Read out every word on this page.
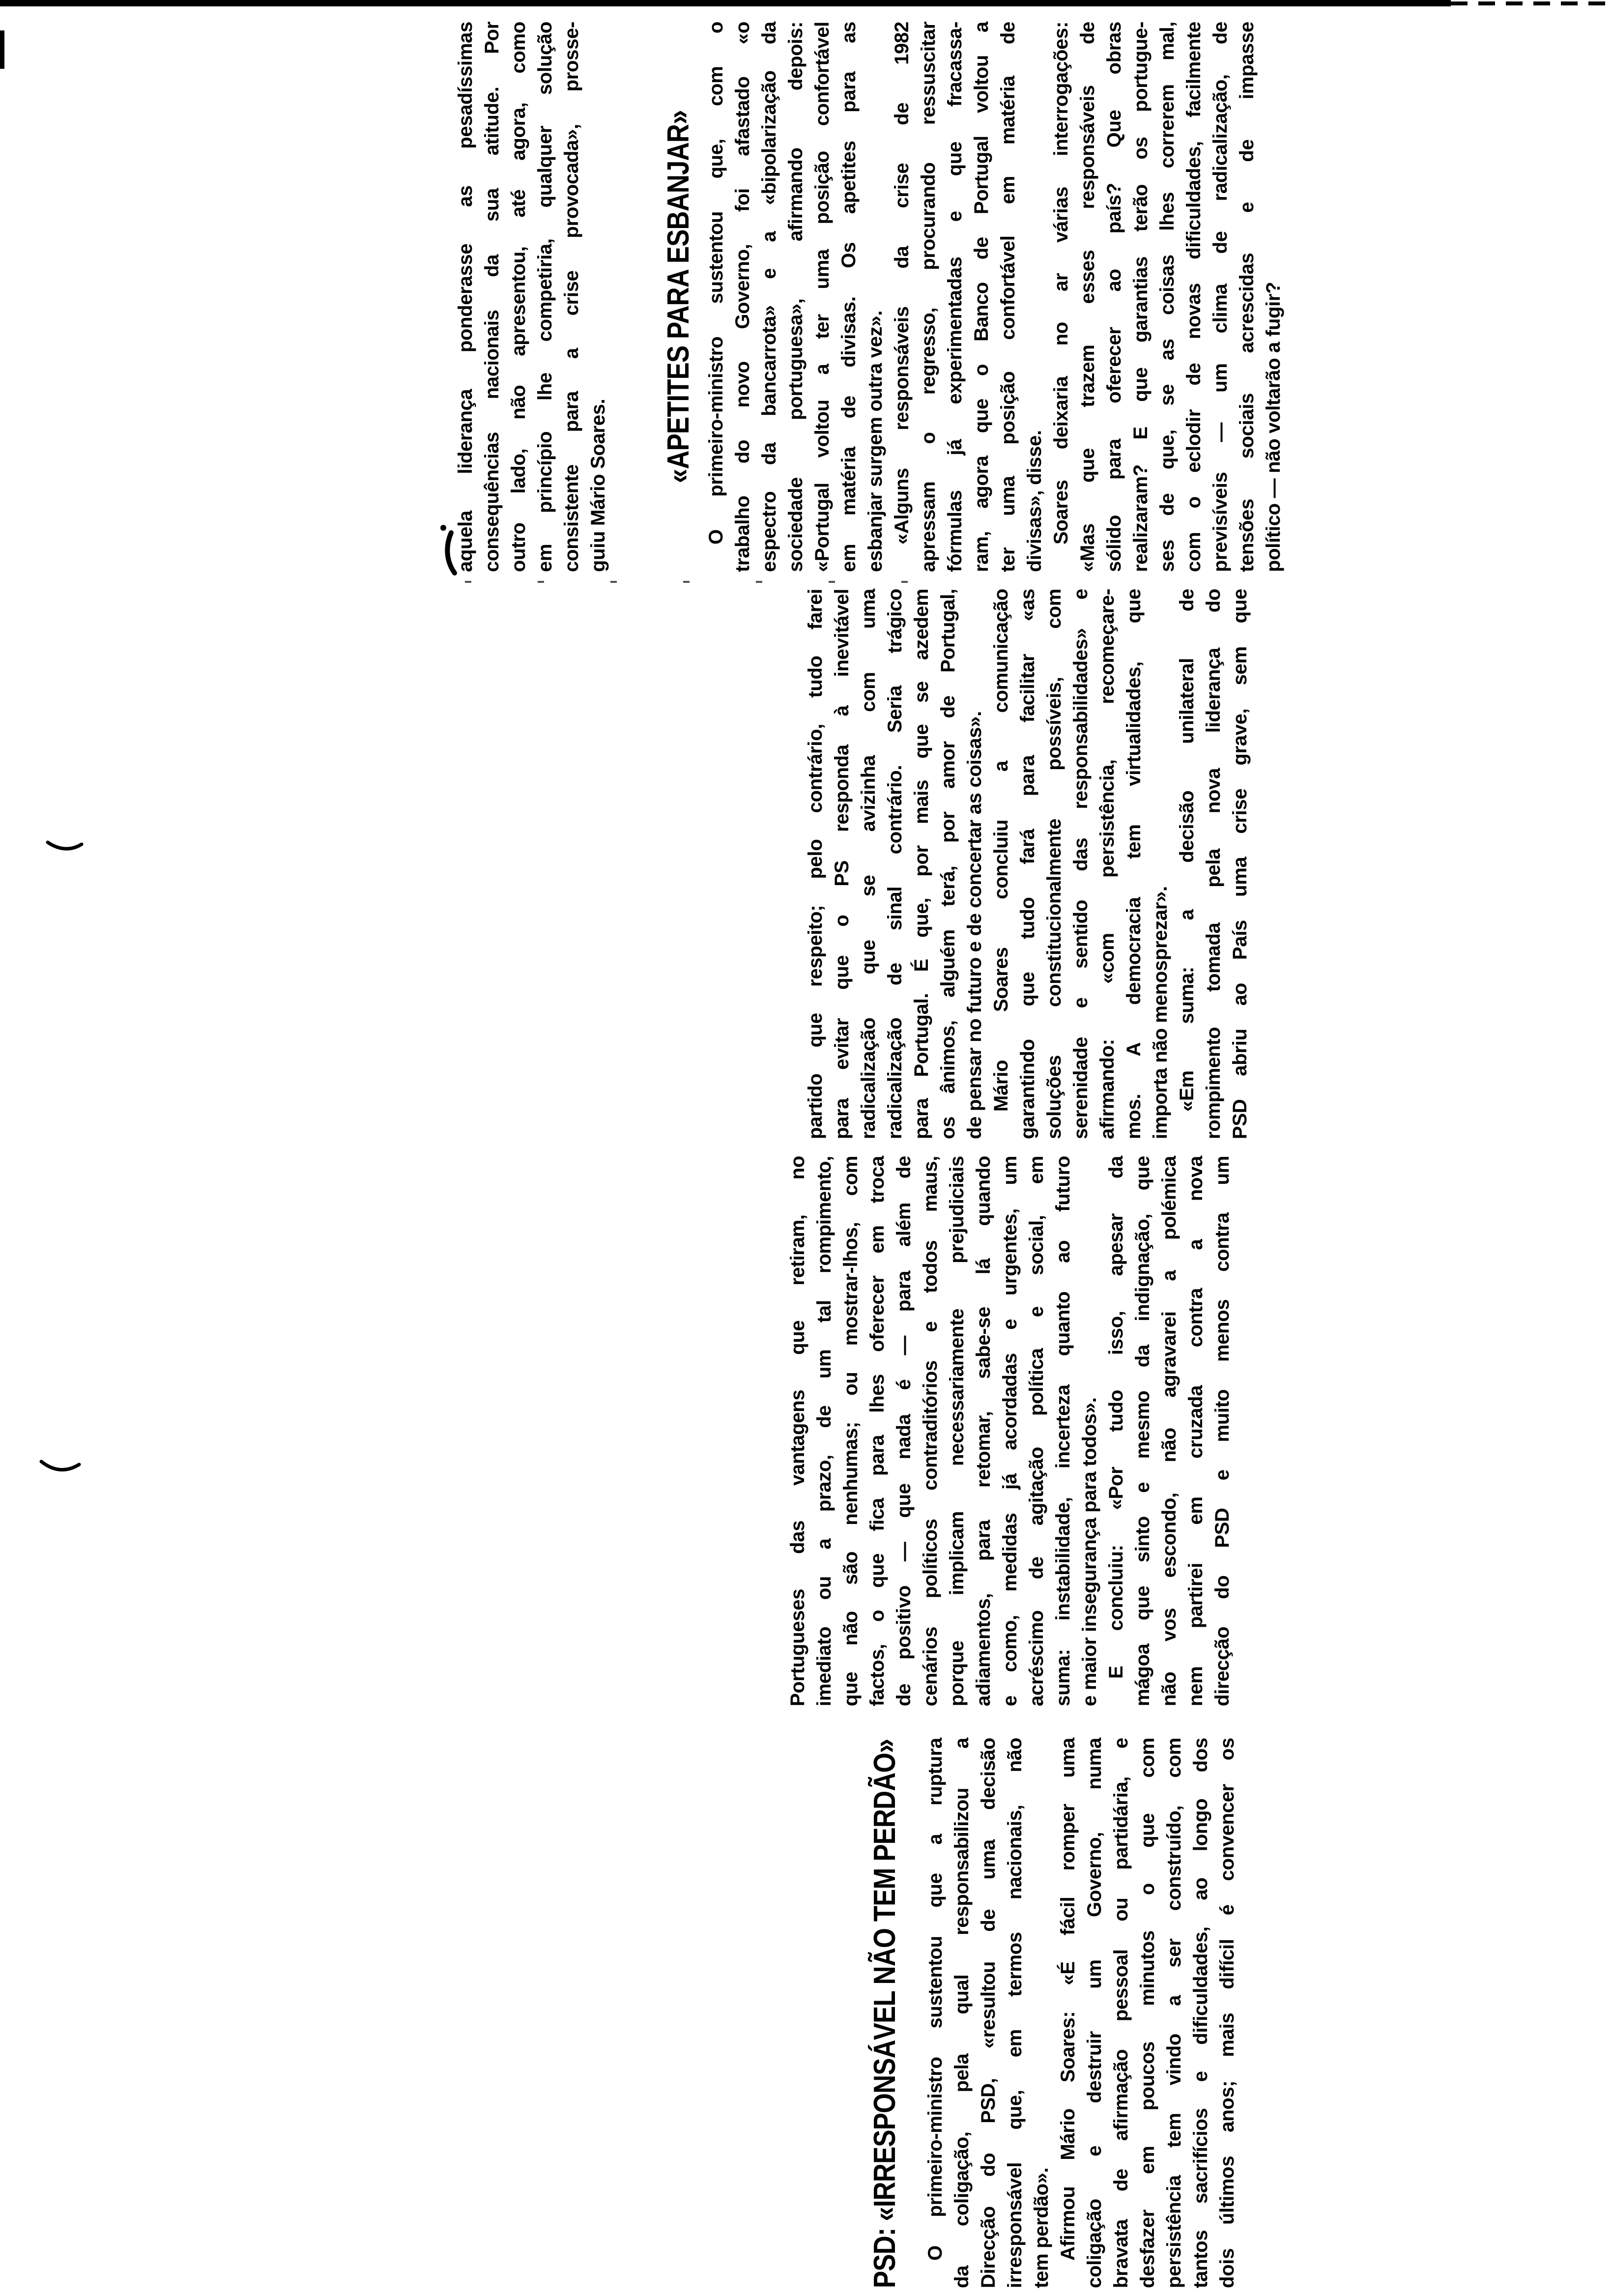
PSD: «IRRESPONSÁVEL NÃO TEM PERDÃO» O primeiro-ministro sustentou que a ruptura da coligação, pela qual responsabilizou a Direcção do PSD, «resultou de uma decisão irresponsável que, em termos nacionais, não tem perdão». Afirmou Mário Soares: «É fácil romper uma coligação e destruir um Governo, numa bravata de afirmação pessoal ou partidária, e desfazer em poucos minutos o que com persistência tem vindo a ser construído, com tantos sacrifícios e dificuldades, ao longo dos dois últimos anos; mais difícil é convencer os
Portugueses das vantagens que retiram, no imediato ou a prazo, de um tal rompimento, que não são nenhumas; ou mostrar-lhos, com factos, o que fica para lhes oferecer em troca de positivo — que nada é — para além de cenários políticos contraditórios e todos maus, porque implicam necessariamente prejudiciais adiamentos, para retomar, sabe-se lá quando e como, medidas já acordadas e urgentes, um acréscimo de agitação política e social, em suma: instabilidade, incerteza quanto ao futuro e maior insegurança para todos». E concluiu: «Por tudo isso, apesar da mágoa que sinto e mesmo da indignação, que não vos escondo, não agravarei a polémica nem partirei em cruzada contra a nova direcção do PSD e muito menos contra um
partido que respeito; pelo contrário, tudo farei para evitar que o PS responda à inevitável radicalização que se avizinha com uma radicalização de sinal contrário. Seria trágico para Portugal. É que, por mais que se azedem os ânimos, alguém terá, por amor de Portugal, de pensar no futuro e de concertar as coisas». Mário Soares concluiu a comunicação garantindo que tudo fará para facilitar «as soluções constitucionalmente possíveis, com serenidade e sentido das responsabilidades» e afirmando: «com persistência, recomeçare- mos. A democracia tem virtualidades, que importa não menosprezar». «Em suma: a decisão unilateral de rompimento tomada pela nova liderança do PSD abriu ao País uma crise grave, sem que
aquela liderança ponderasse as pesadíssimas consequências nacionais da sua atitude. Por outro lado, não apresentou, até agora, como em princípio lhe competiria, qualquer solução consistente para a crise provocada», prosse- guiu Mário Soares.
«APETITES PARA ESBANJAR» O primeiro-ministro sustentou que, com o trabalho do novo Governo, foi afastado «o espectro da bancarrota» e a «bipolarização da sociedade portuguesa», afirmando depois: «Portugal voltou a ter uma posição confortável em matéria de divisas. Os apetites para as esbanjar surgem outra vez». «Alguns responsáveis da crise de 1982 apressam o regresso, procurando ressuscitar fórmulas já experimentadas e que fracassa- ram, agora que o Banco de Portugal voltou a ter uma posição confortável em matéria de divisas», disse. Soares deixaria no ar várias interrogações: «Mas que trazem esses responsáveis de sólido para oferecer ao país? Que obras realizaram? E que garantias terão os portugue- ses de que, se as coisas lhes correrem mal, com o eclodir de novas dificuldades, facilmente previsíveis — um clima de radicalização, de tensões sociais acrescidas e de impasse político — não voltarão a fugir?
